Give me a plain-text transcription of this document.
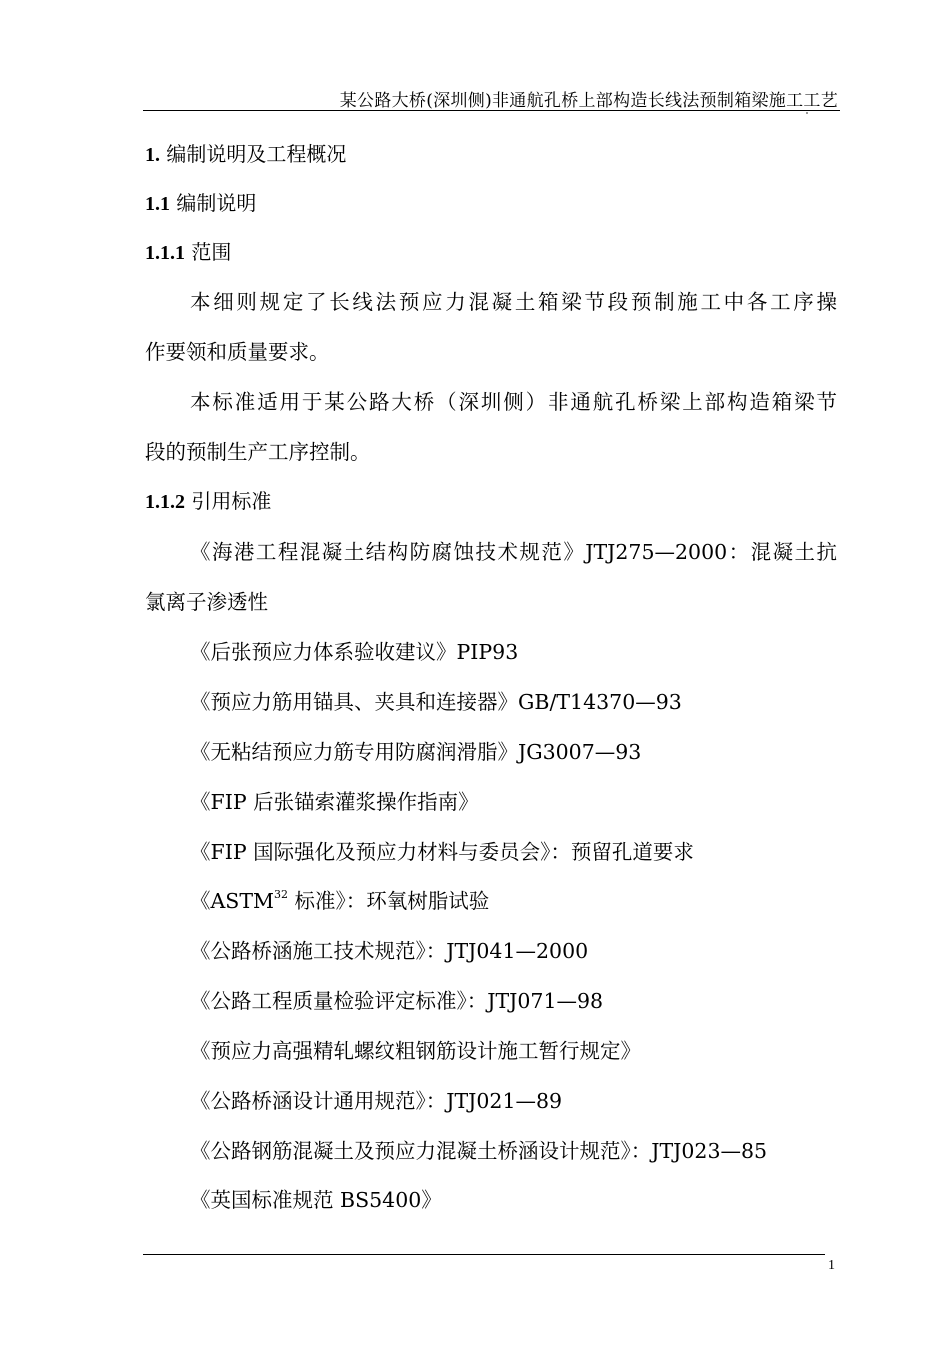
某公路大桥(深圳侧)非通航孔桥上部构造长线法预制箱梁施工工艺
1. 编制说明及工程概况
1.1 编制说明
1.1.1 范围
本细则规定了长线法预应力混凝土箱梁节段预制施工中各工序操
作要领和质量要求。
本标准适用于某公路大桥（深圳侧）非通航孔桥梁上部构造箱梁节
段的预制生产工序控制。
1.1.2 引用标准
《海港工程混凝土结构防腐蚀技术规范》JTJ275—2000：混凝土抗
氯离子渗透性
《后张预应力体系验收建议》PIP93
《预应力筋用锚具、夹具和连接器》GB/T14370—93
《无粘结预应力筋专用防腐润滑脂》JG3007—93
《FIP 后张锚索灌浆操作指南》
《FIP 国际强化及预应力材料与委员会》：预留孔道要求
《ASTM$^{32}$ 标准》：环氧树脂试验
《公路桥涵施工技术规范》：JTJ041—2000
《公路工程质量检验评定标准》：JTJ071—98
《预应力高强精轧螺纹粗钢筋设计施工暂行规定》
《公路桥涵设计通用规范》：JTJ021—89
《公路钢筋混凝土及预应力混凝土桥涵设计规范》：JTJ023—85
《英国标准规范 BS5400》
1
